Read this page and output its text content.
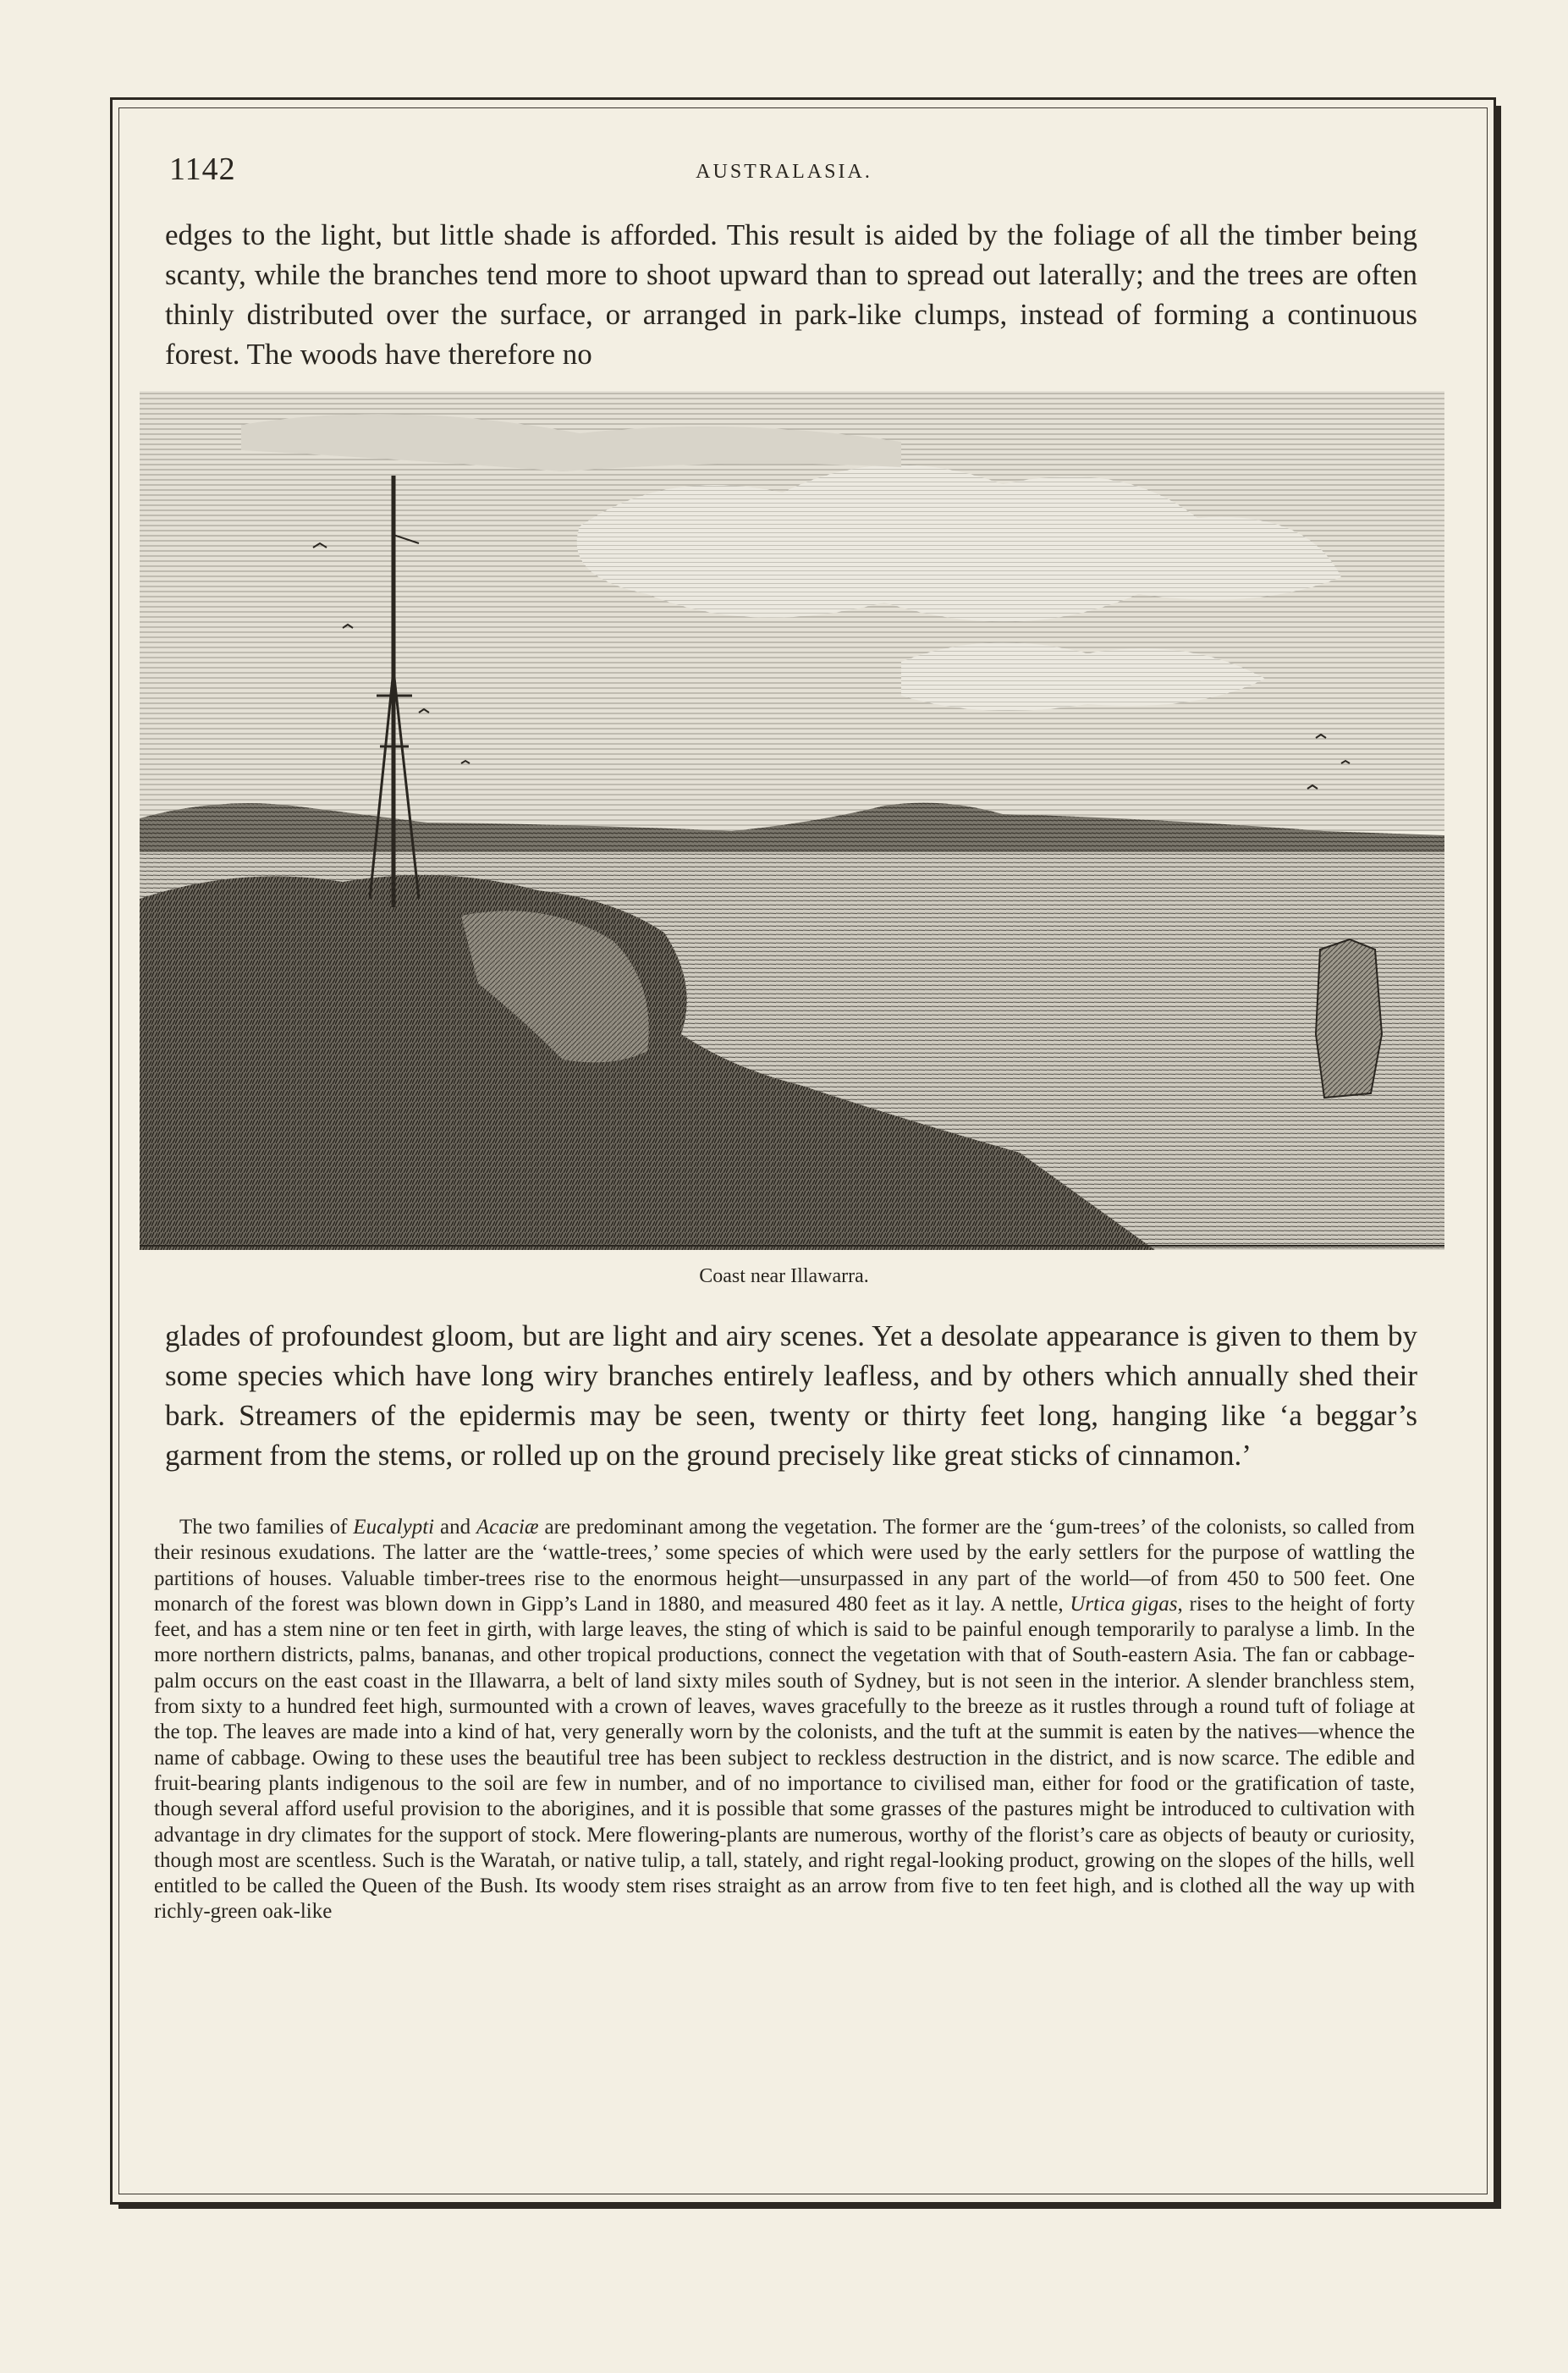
1142	AUSTRALASIA.
edges to the light, but little shade is afforded. This result is aided by the foliage of all the timber being scanty, while the branches tend more to shoot upward than to spread out laterally; and the trees are often thinly distributed over the surface, or arranged in park-like clumps, instead of forming a continuous forest. The woods have therefore no
Coast near Illawarra.
glades of profoundest gloom, but are light and airy scenes. Yet a desolate appearance is given to them by some species which have long wiry branches entirely leafless, and by others which annually shed their bark. Streamers of the epidermis may be seen, twenty or thirty feet long, hanging like ‘a beggar’s garment from the stems, or rolled up on the ground precisely like great sticks of cinnamon.’
The two families of Eucalypti and Acaciæ are predominant among the vegetation. The former are the ‘gum-trees’ of the colonists, so called from their resinous exudations. The latter are the ‘wattle-trees,’ some species of which were used by the early settlers for the purpose of wattling the partitions of houses. Valuable timber-trees rise to the enormous height—unsurpassed in any part of the world—of from 450 to 500 feet. One monarch of the forest was blown down in Gipp’s Land in 1880, and measured 480 feet as it lay. A nettle, Urtica gigas, rises to the height of forty feet, and has a stem nine or ten feet in girth, with large leaves, the sting of which is said to be painful enough temporarily to paralyse a limb. In the more northern districts, palms, bananas, and other tropical productions, connect the vegetation with that of South-eastern Asia. The fan or cabbage-palm occurs on the east coast in the Illawarra, a belt of land sixty miles south of Sydney, but is not seen in the interior. A slender branchless stem, from sixty to a hundred feet high, surmounted with a crown of leaves, waves gracefully to the breeze as it rustles through a round tuft of foliage at the top. The leaves are made into a kind of hat, very generally worn by the colonists, and the tuft at the summit is eaten by the natives—whence the name of cabbage. Owing to these uses the beautiful tree has been subject to reckless destruction in the district, and is now scarce. The edible and fruit-bearing plants indigenous to the soil are few in number, and of no importance to civilised man, either for food or the gratification of taste, though several afford useful provision to the aborigines, and it is possible that some grasses of the pastures might be introduced to cultivation with advantage in dry climates for the support of stock. Mere flowering-plants are numerous, worthy of the florist’s care as objects of beauty or curiosity, though most are scentless. Such is the Waratah, or native tulip, a tall, stately, and right regal-looking product, growing on the slopes of the hills, well entitled to be called the Queen of the Bush. Its woody stem rises straight as an arrow from five to ten feet high, and is clothed all the way up with richly-green oak-like
